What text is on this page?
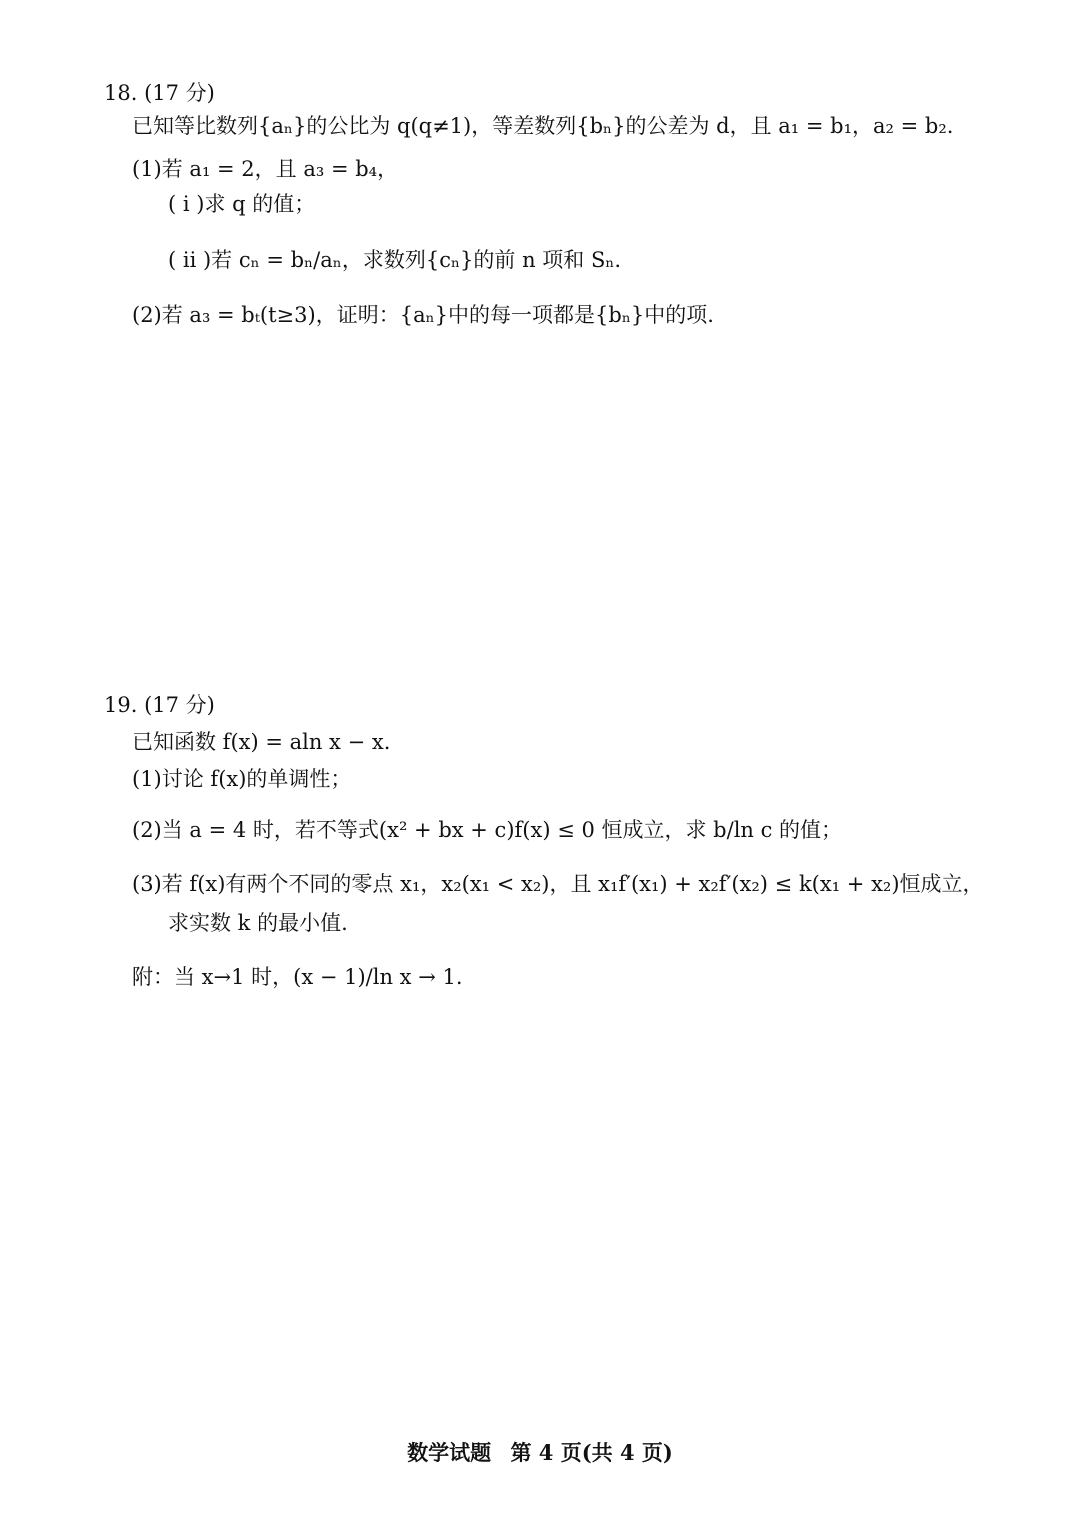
18. (17 分)
已知等比数列{aₙ}的公比为 q(q≠1)，等差数列{bₙ}的公差为 d，且 a₁ = b₁，a₂ = b₂.
(1)若 a₁ = 2，且 a₃ = b₄，
( i )求 q 的值；
( ii )若 cₙ = bₙ/aₙ，求数列{cₙ}的前 n 项和 Sₙ.
(2)若 a₃ = bₜ(t≥3)，证明：{aₙ}中的每一项都是{bₙ}中的项.
19. (17 分)
已知函数 f(x) = aln x − x.
(1)讨论 f(x)的单调性；
(2)当 a = 4 时，若不等式(x² + bx + c)f(x) ≤ 0 恒成立，求 b/ln c 的值；
(3)若 f(x)有两个不同的零点 x₁，x₂(x₁ < x₂)，且 x₁f′(x₁) + x₂f′(x₂) ≤ k(x₁ + x₂)恒成立，
求实数 k 的最小值.
附：当 x→1 时，(x − 1)/ln x → 1.
数学试题 第 4 页(共 4 页)
